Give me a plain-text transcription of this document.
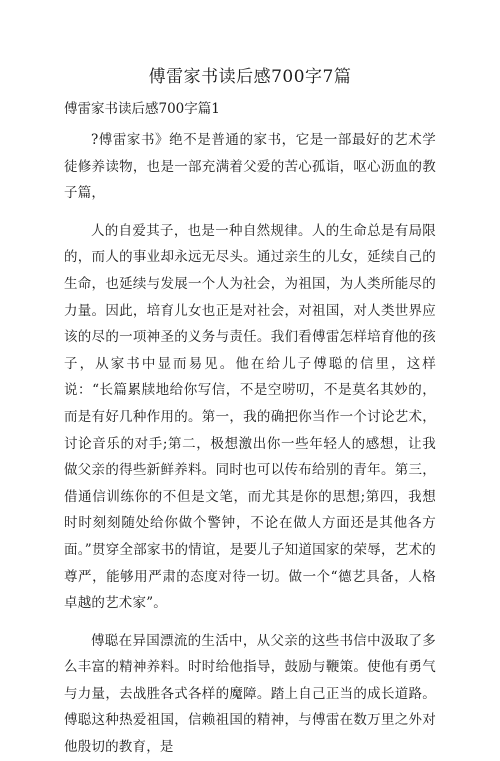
傅雷家书读后感700字7篇
傅雷家书读后感700字篇1

?傅雷家书》绝不是普通的家书，它是一部最好的艺术学徒修养读物，也是一部充满着父爱的苦心孤诣，呕心沥血的教子篇，

人的自爱其子，也是一种自然规律。人的生命总是有局限的，而人的事业却永远无尽头。通过亲生的儿女，延续自己的生命，也延续与发展一个人为社会，为祖国，为人类所能尽的力量。因此，培育儿女也正是对社会，对祖国，对人类世界应该的尽的一项神圣的义务与责任。我们看傅雷怎样培育他的孩子，从家书中显而易见。他在给儿子傅聪的信里，这样说：“长篇累牍地给你写信，不是空唠叨，不是莫名其妙的，而是有好几种作用的。第一，我的确把你当作一个讨论艺术，讨论音乐的对手;第二，极想激出你一些年轻人的感想，让我做父亲的得些新鲜养料。同时也可以传布给别的青年。第三，借通信训练你的不但是文笔，而尤其是你的思想;第四，我想时时刻刻随处给你做个警钟，不论在做人方面还是其他各方面。”贯穿全部家书的情谊，是要儿子知道国家的荣辱，艺术的尊严，能够用严肃的态度对待一切。做一个“德艺具备，人格卓越的艺术家”。

傅聪在异国漂流的生活中，从父亲的这些书信中汲取了多么丰富的精神养料。时时给他指导，鼓励与鞭策。使他有勇气与力量，去战胜各式各样的魔障。踏上自己正当的成长道路。傅聪这种热爱祖国，信赖祖国的精神，与傅雷在数万里之外对他殷切的教育，是
